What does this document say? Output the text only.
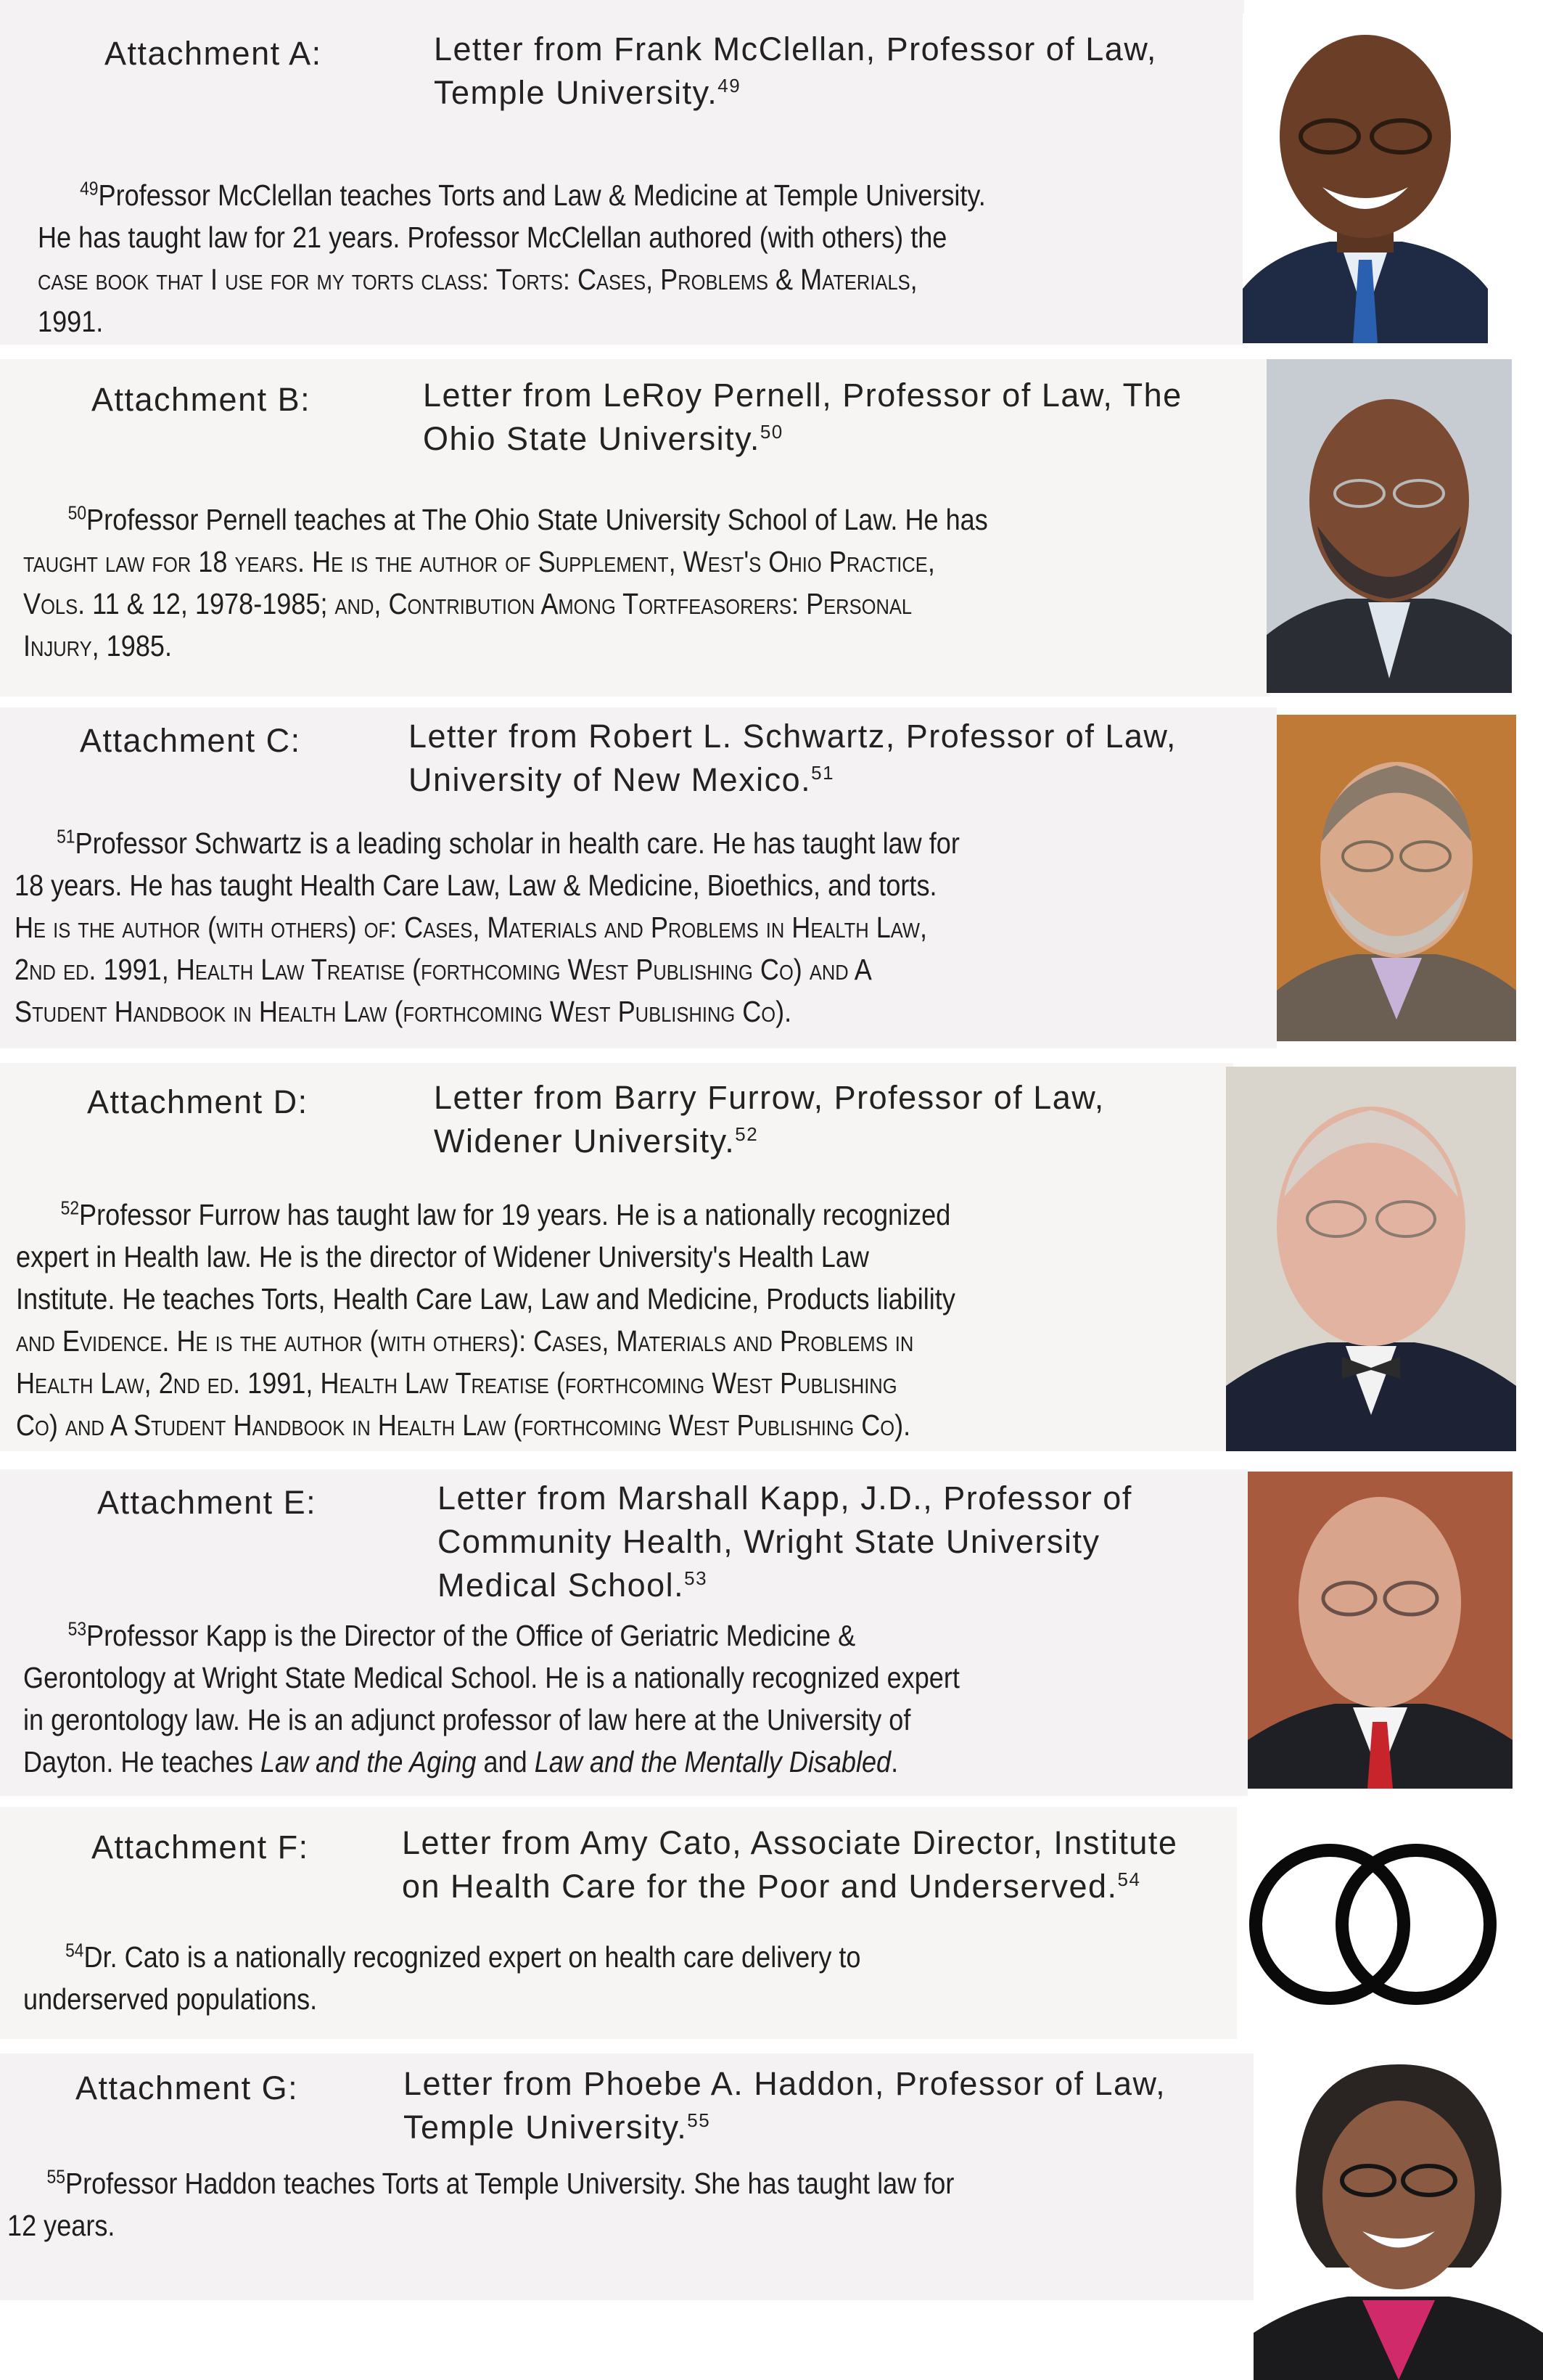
Attachment A:	Letter from Frank McClellan, Professor of Law,
Temple University.$^{49}$
$^{49}$Professor McClellan teaches Torts and Law & Medicine at Temple University.
He has taught law for 21 years. Professor McClellan authored (with others) the
case book that I use for my torts class: Torts: Cases, Problems & Materials,
1991.
Attachment B:	Letter from LeRoy Pernell, Professor of Law, The
Ohio State University.$^{50}$
$^{50}$Professor Pernell teaches at The Ohio State University School of Law. He has
taught law for 18 years. He is the author of Supplement, West's Ohio Practice,
Vols. 11 & 12, 1978-1985; and, Contribution Among Tortfeasorers: Personal
Injury, 1985.
Attachment C:	Letter from Robert L. Schwartz, Professor of Law,
University of New Mexico.$^{51}$
$^{51}$Professor Schwartz is a leading scholar in health care. He has taught law for
18 years. He has taught Health Care Law, Law & Medicine, Bioethics, and torts.
He is the author (with others) of: Cases, Materials and Problems in Health Law,
2nd ed. 1991, Health Law Treatise (forthcoming West Publishing Co) and A
Student Handbook in Health Law (forthcoming West Publishing Co).
Attachment D:	Letter from Barry Furrow, Professor of Law,
Widener University.$^{52}$
$^{52}$Professor Furrow has taught law for 19 years. He is a nationally recognized
expert in Health law. He is the director of Widener University's Health Law
Institute. He teaches Torts, Health Care Law, Law and Medicine, Products liability
and Evidence. He is the author (with others): Cases, Materials and Problems in
Health Law, 2nd ed. 1991, Health Law Treatise (forthcoming West Publishing
Co) and A Student Handbook in Health Law (forthcoming West Publishing Co).
Attachment E:	Letter from Marshall Kapp, J.D., Professor of
Community Health, Wright State University
Medical School.$^{53}$
$^{53}$Professor Kapp is the Director of the Office of Geriatric Medicine &
Gerontology at Wright State Medical School. He is a nationally recognized expert
in gerontology law. He is an adjunct professor of law here at the University of
Dayton. He teaches Law and the Aging and Law and the Mentally Disabled.
Attachment F:	Letter from Amy Cato, Associate Director, Institute
on Health Care for the Poor and Underserved.$^{54}$
$^{54}$Dr. Cato is a nationally recognized expert on health care delivery to
underserved populations.
Attachment G:	Letter from Phoebe A. Haddon, Professor of Law,
Temple University.$^{55}$
$^{55}$Professor Haddon teaches Torts at Temple University. She has taught law for
12 years.
